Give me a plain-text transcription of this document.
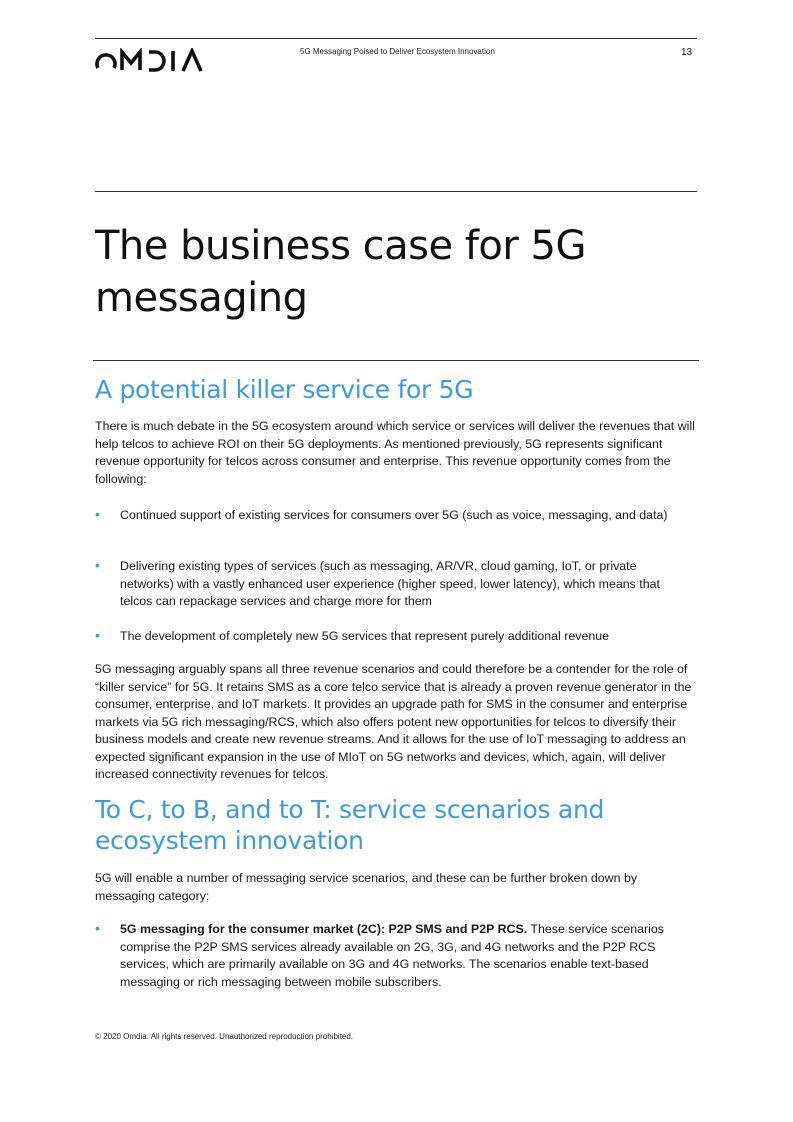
5G Messaging Poised to Deliver Ecosystem Innovation	13
The business case for 5G messaging
A potential killer service for 5G

There is much debate in the 5G ecosystem around which service or services will deliver the revenues that will help telcos to achieve ROI on their 5G deployments. As mentioned previously, 5G represents significant revenue opportunity for telcos across consumer and enterprise. This revenue opportunity comes from the following:

• Continued support of existing services for consumers over 5G (such as voice, messaging, and data)
• Delivering existing types of services (such as messaging, AR/VR, cloud gaming, IoT, or private networks) with a vastly enhanced user experience (higher speed, lower latency), which means that telcos can repackage services and charge more for them
• The development of completely new 5G services that represent purely additional revenue

5G messaging arguably spans all three revenue scenarios and could therefore be a contender for the role of “killer service” for 5G. It retains SMS as a core telco service that is already a proven revenue generator in the consumer, enterprise, and IoT markets. It provides an upgrade path for SMS in the consumer and enterprise markets via 5G rich messaging/RCS, which also offers potent new opportunities for telcos to diversify their business models and create new revenue streams. And it allows for the use of IoT messaging to address an expected significant expansion in the use of MIoT on 5G networks and devices, which, again, will deliver increased connectivity revenues for telcos.

To C, to B, and to T: service scenarios and ecosystem innovation

5G will enable a number of messaging service scenarios, and these can be further broken down by messaging category:

• 5G messaging for the consumer market (2C): P2P SMS and P2P RCS. These service scenarios comprise the P2P SMS services already available on 2G, 3G, and 4G networks and the P2P RCS services, which are primarily available on 3G and 4G networks. The scenarios enable text-based messaging or rich messaging between mobile subscribers.
© 2020 Omdia. All rights reserved. Unauthorized reproduction prohibited.
